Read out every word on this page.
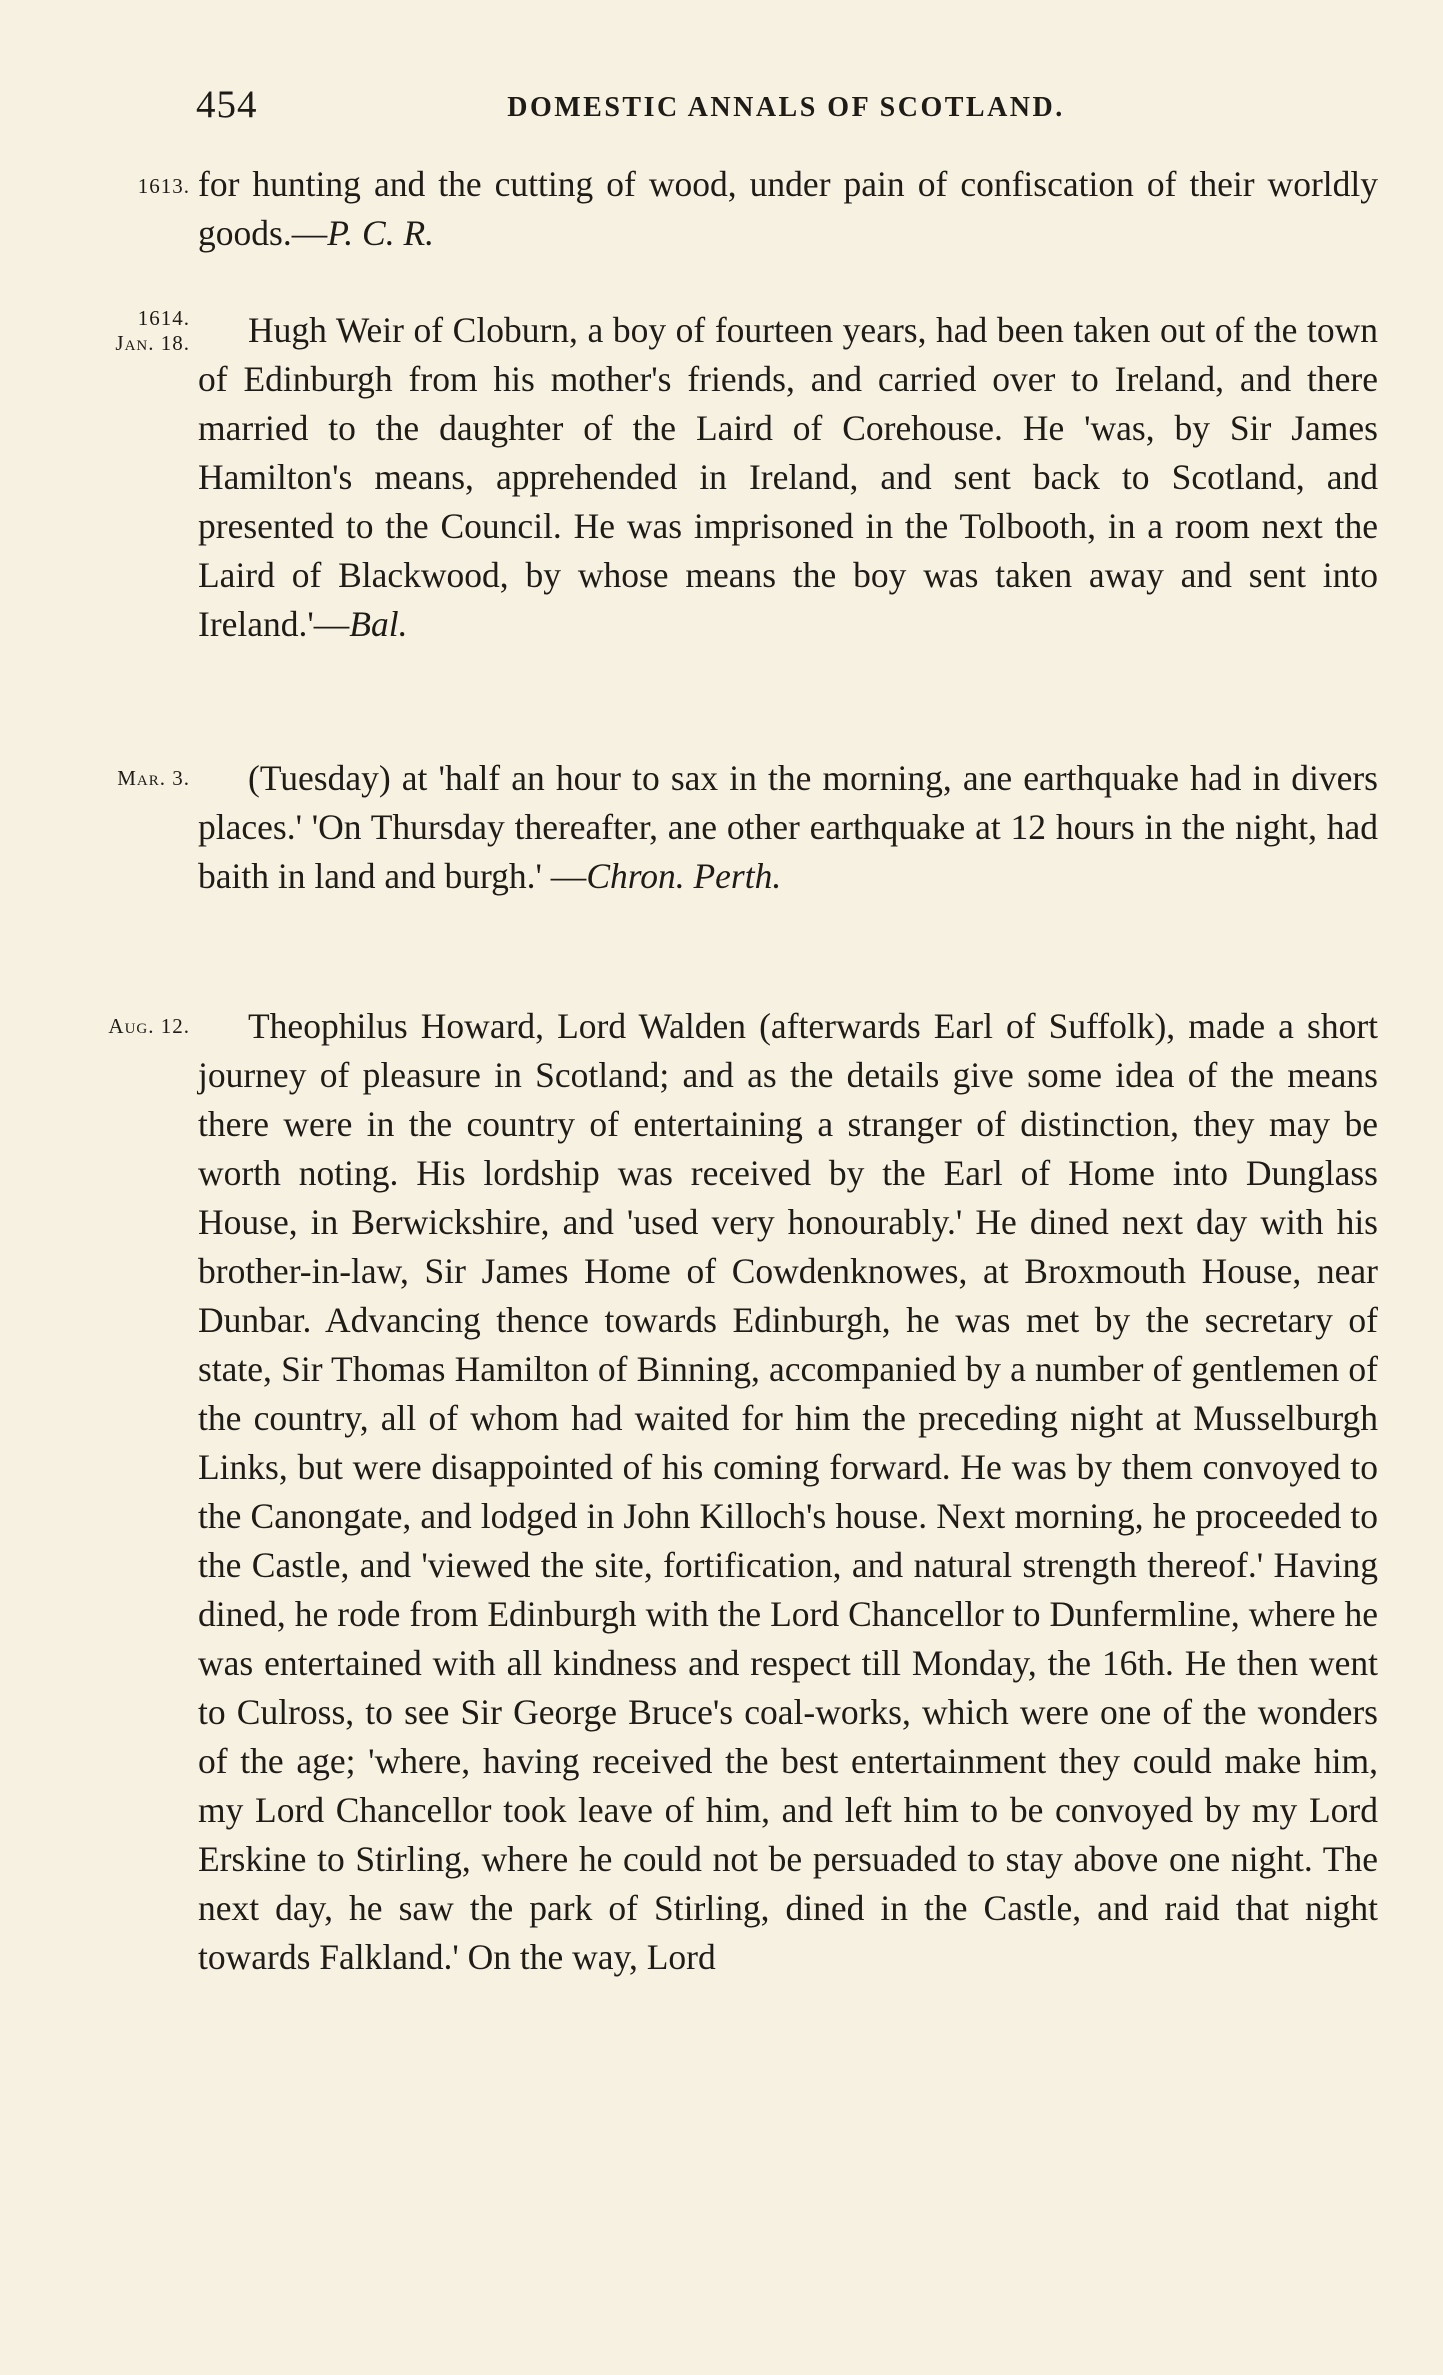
454	DOMESTIC ANNALS OF SCOTLAND.
1613. for hunting and the cutting of wood, under pain of confiscation of their worldly goods.—P. C. R.
1614.
Jan. 18.	Hugh Weir of Cloburn, a boy of fourteen years, had been taken out of the town of Edinburgh from his mother's friends, and carried over to Ireland, and there married to the daughter of the Laird of Corehouse. He 'was, by Sir James Hamilton's means, apprehended in Ireland, and sent back to Scotland, and presented to the Council. He was imprisoned in the Tolbooth, in a room next the Laird of Blackwood, by whose means the boy was taken away and sent into Ireland.'—Bal.
Mar. 3.	(Tuesday) at 'half an hour to sax in the morning, ane earthquake had in divers places.' 'On Thursday thereafter, ane other earthquake at 12 hours in the night, had baith in land and burgh.' —Chron. Perth.
Aug. 12.	Theophilus Howard, Lord Walden (afterwards Earl of Suffolk), made a short journey of pleasure in Scotland; and as the details give some idea of the means there were in the country of entertaining a stranger of distinction, they may be worth noting. His lordship was received by the Earl of Home into Dunglass House, in Berwickshire, and 'used very honourably.' He dined next day with his brother-in-law, Sir James Home of Cowdenknowes, at Broxmouth House, near Dunbar. Advancing thence towards Edinburgh, he was met by the secretary of state, Sir Thomas Hamilton of Binning, accompanied by a number of gentlemen of the country, all of whom had waited for him the preceding night at Musselburgh Links, but were disappointed of his coming forward. He was by them convoyed to the Canongate, and lodged in John Killoch's house. Next morning, he proceeded to the Castle, and 'viewed the site, fortification, and natural strength thereof.' Having dined, he rode from Edinburgh with the Lord Chancellor to Dunfermline, where he was entertained with all kindness and respect till Monday, the 16th. He then went to Culross, to see Sir George Bruce's coal-works, which were one of the wonders of the age; 'where, having received the best entertainment they could make him, my Lord Chancellor took leave of him, and left him to be convoyed by my Lord Erskine to Stirling, where he could not be persuaded to stay above one night. The next day, he saw the park of Stirling, dined in the Castle, and raid that night towards Falkland.' On the way, Lord
